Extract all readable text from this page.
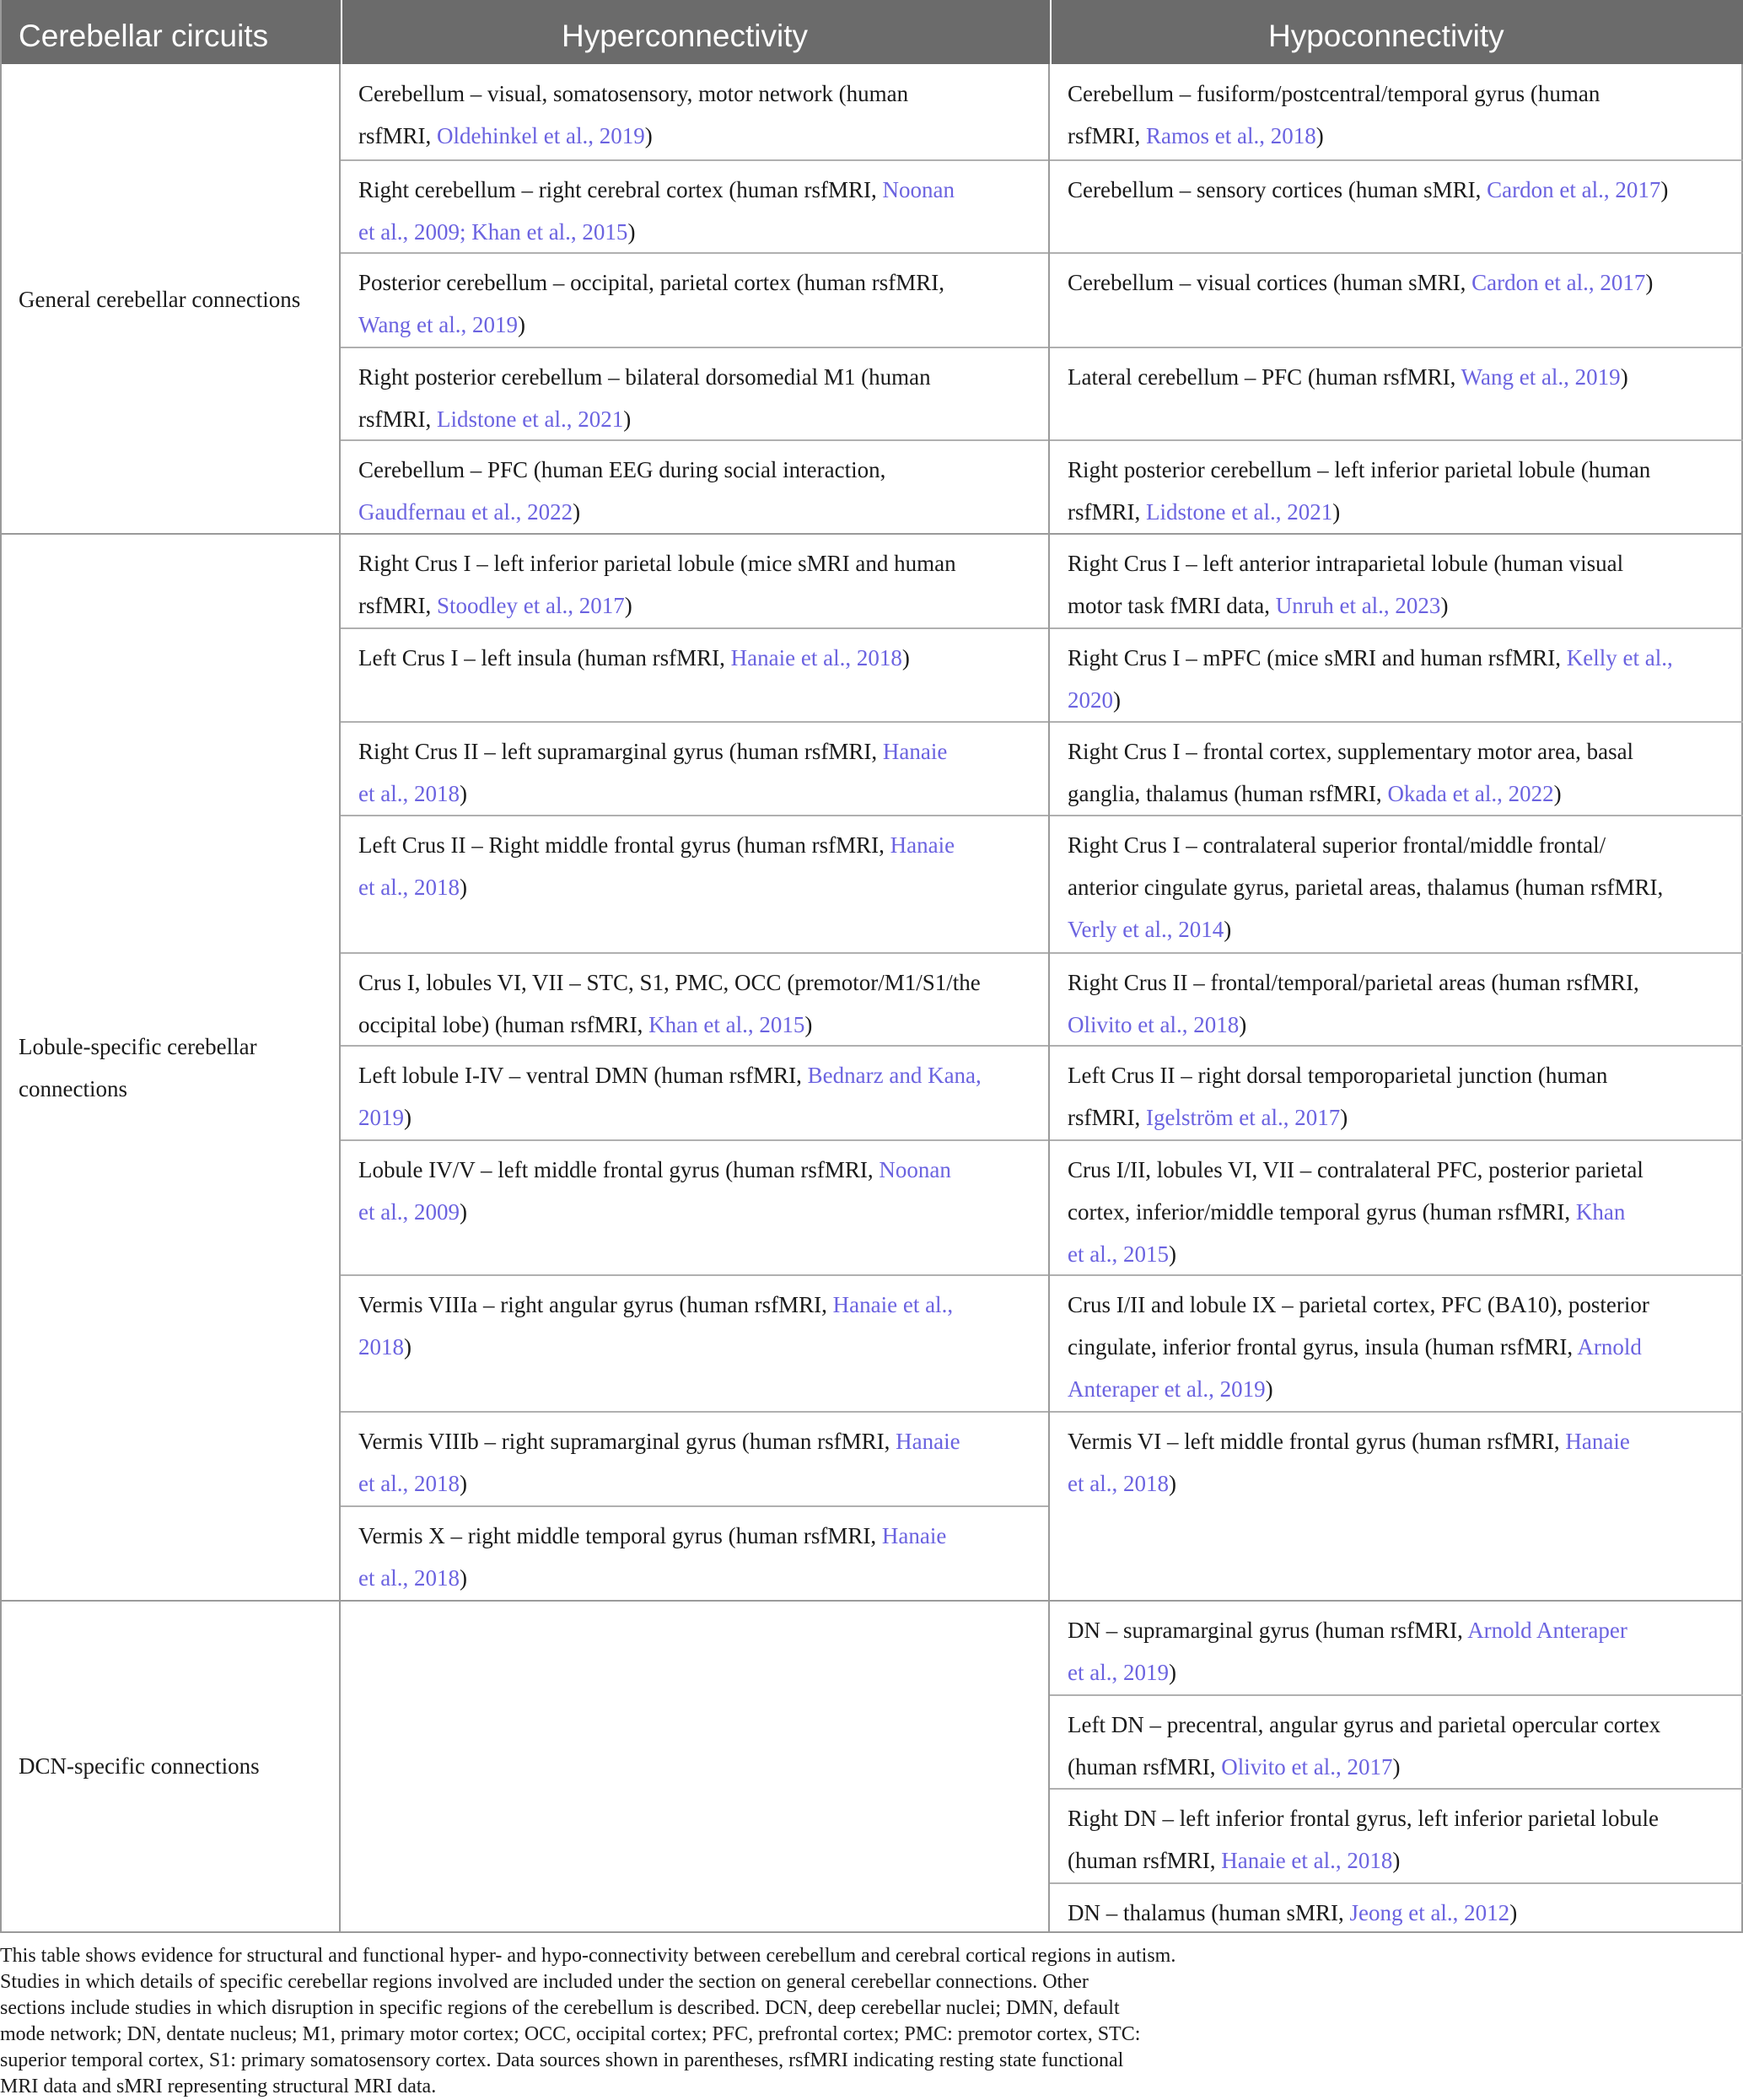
Cerebellar circuits	Hyperconnectivity	Hypoconnectivity
General cerebellar connections
Cerebellum – visual, somatosensory, motor network (human
rsfMRI, Oldehinkel et al., 2019)
Right cerebellum – right cerebral cortex (human rsfMRI, Noonan
et al., 2009; Khan et al., 2015)
Posterior cerebellum – occipital, parietal cortex (human rsfMRI,
Wang et al., 2019)
Right posterior cerebellum – bilateral dorsomedial M1 (human
rsfMRI, Lidstone et al., 2021)
Cerebellum – PFC (human EEG during social interaction,
Gaudfernau et al., 2022)
Cerebellum – fusiform/postcentral/temporal gyrus (human
rsfMRI, Ramos et al., 2018)
Cerebellum – sensory cortices (human sMRI, Cardon et al., 2017)
Cerebellum – visual cortices (human sMRI, Cardon et al., 2017)
Lateral cerebellum – PFC (human rsfMRI, Wang et al., 2019)
Right posterior cerebellum – left inferior parietal lobule (human
rsfMRI, Lidstone et al., 2021)
Lobule-specific cerebellar connections
Right Crus I – left inferior parietal lobule (mice sMRI and human
rsfMRI, Stoodley et al., 2017)
Left Crus I – left insula (human rsfMRI, Hanaie et al., 2018)
Right Crus II – left supramarginal gyrus (human rsfMRI, Hanaie
et al., 2018)
Left Crus II – Right middle frontal gyrus (human rsfMRI, Hanaie
et al., 2018)
Crus I, lobules VI, VII – STC, S1, PMC, OCC (premotor/M1/S1/the
occipital lobe) (human rsfMRI, Khan et al., 2015)
Left lobule I-IV – ventral DMN (human rsfMRI, Bednarz and Kana,
2019)
Lobule IV/V – left middle frontal gyrus (human rsfMRI, Noonan
et al., 2009)
Vermis VIIIa – right angular gyrus (human rsfMRI, Hanaie et al.,
2018)
Vermis VIIIb – right supramarginal gyrus (human rsfMRI, Hanaie
et al., 2018)
Vermis X – right middle temporal gyrus (human rsfMRI, Hanaie
et al., 2018)
Right Crus I – left anterior intraparietal lobule (human visual
motor task fMRI data, Unruh et al., 2023)
Right Crus I – mPFC (mice sMRI and human rsfMRI, Kelly et al.,
2020)
Right Crus I – frontal cortex, supplementary motor area, basal
ganglia, thalamus (human rsfMRI, Okada et al., 2022)
Right Crus I – contralateral superior frontal/middle frontal/
anterior cingulate gyrus, parietal areas, thalamus (human rsfMRI,
Verly et al., 2014)
Right Crus II – frontal/temporal/parietal areas (human rsfMRI,
Olivito et al., 2018)
Left Crus II – right dorsal temporoparietal junction (human
rsfMRI, Igelström et al., 2017)
Crus I/II, lobules VI, VII – contralateral PFC, posterior parietal
cortex, inferior/middle temporal gyrus (human rsfMRI, Khan
et al., 2015)
Crus I/II and lobule IX – parietal cortex, PFC (BA10), posterior
cingulate, inferior frontal gyrus, insula (human rsfMRI, Arnold
Anteraper et al., 2019)
Vermis VI – left middle frontal gyrus (human rsfMRI, Hanaie
et al., 2018)
DCN-specific connections
DN – supramarginal gyrus (human rsfMRI, Arnold Anteraper
et al., 2019)
Left DN – precentral, angular gyrus and parietal opercular cortex
(human rsfMRI, Olivito et al., 2017)
Right DN – left inferior frontal gyrus, left inferior parietal lobule
(human rsfMRI, Hanaie et al., 2018)
DN – thalamus (human sMRI, Jeong et al., 2012)
This table shows evidence for structural and functional hyper- and hypo-connectivity between cerebellum and cerebral cortical regions in autism.
Studies in which details of specific cerebellar regions involved are included under the section on general cerebellar connections. Other
sections include studies in which disruption in specific regions of the cerebellum is described. DCN, deep cerebellar nuclei; DMN, default
mode network; DN, dentate nucleus; M1, primary motor cortex; OCC, occipital cortex; PFC, prefrontal cortex; PMC: premotor cortex, STC:
superior temporal cortex, S1: primary somatosensory cortex. Data sources shown in parentheses, rsfMRI indicating resting state functional
MRI data and sMRI representing structural MRI data.
